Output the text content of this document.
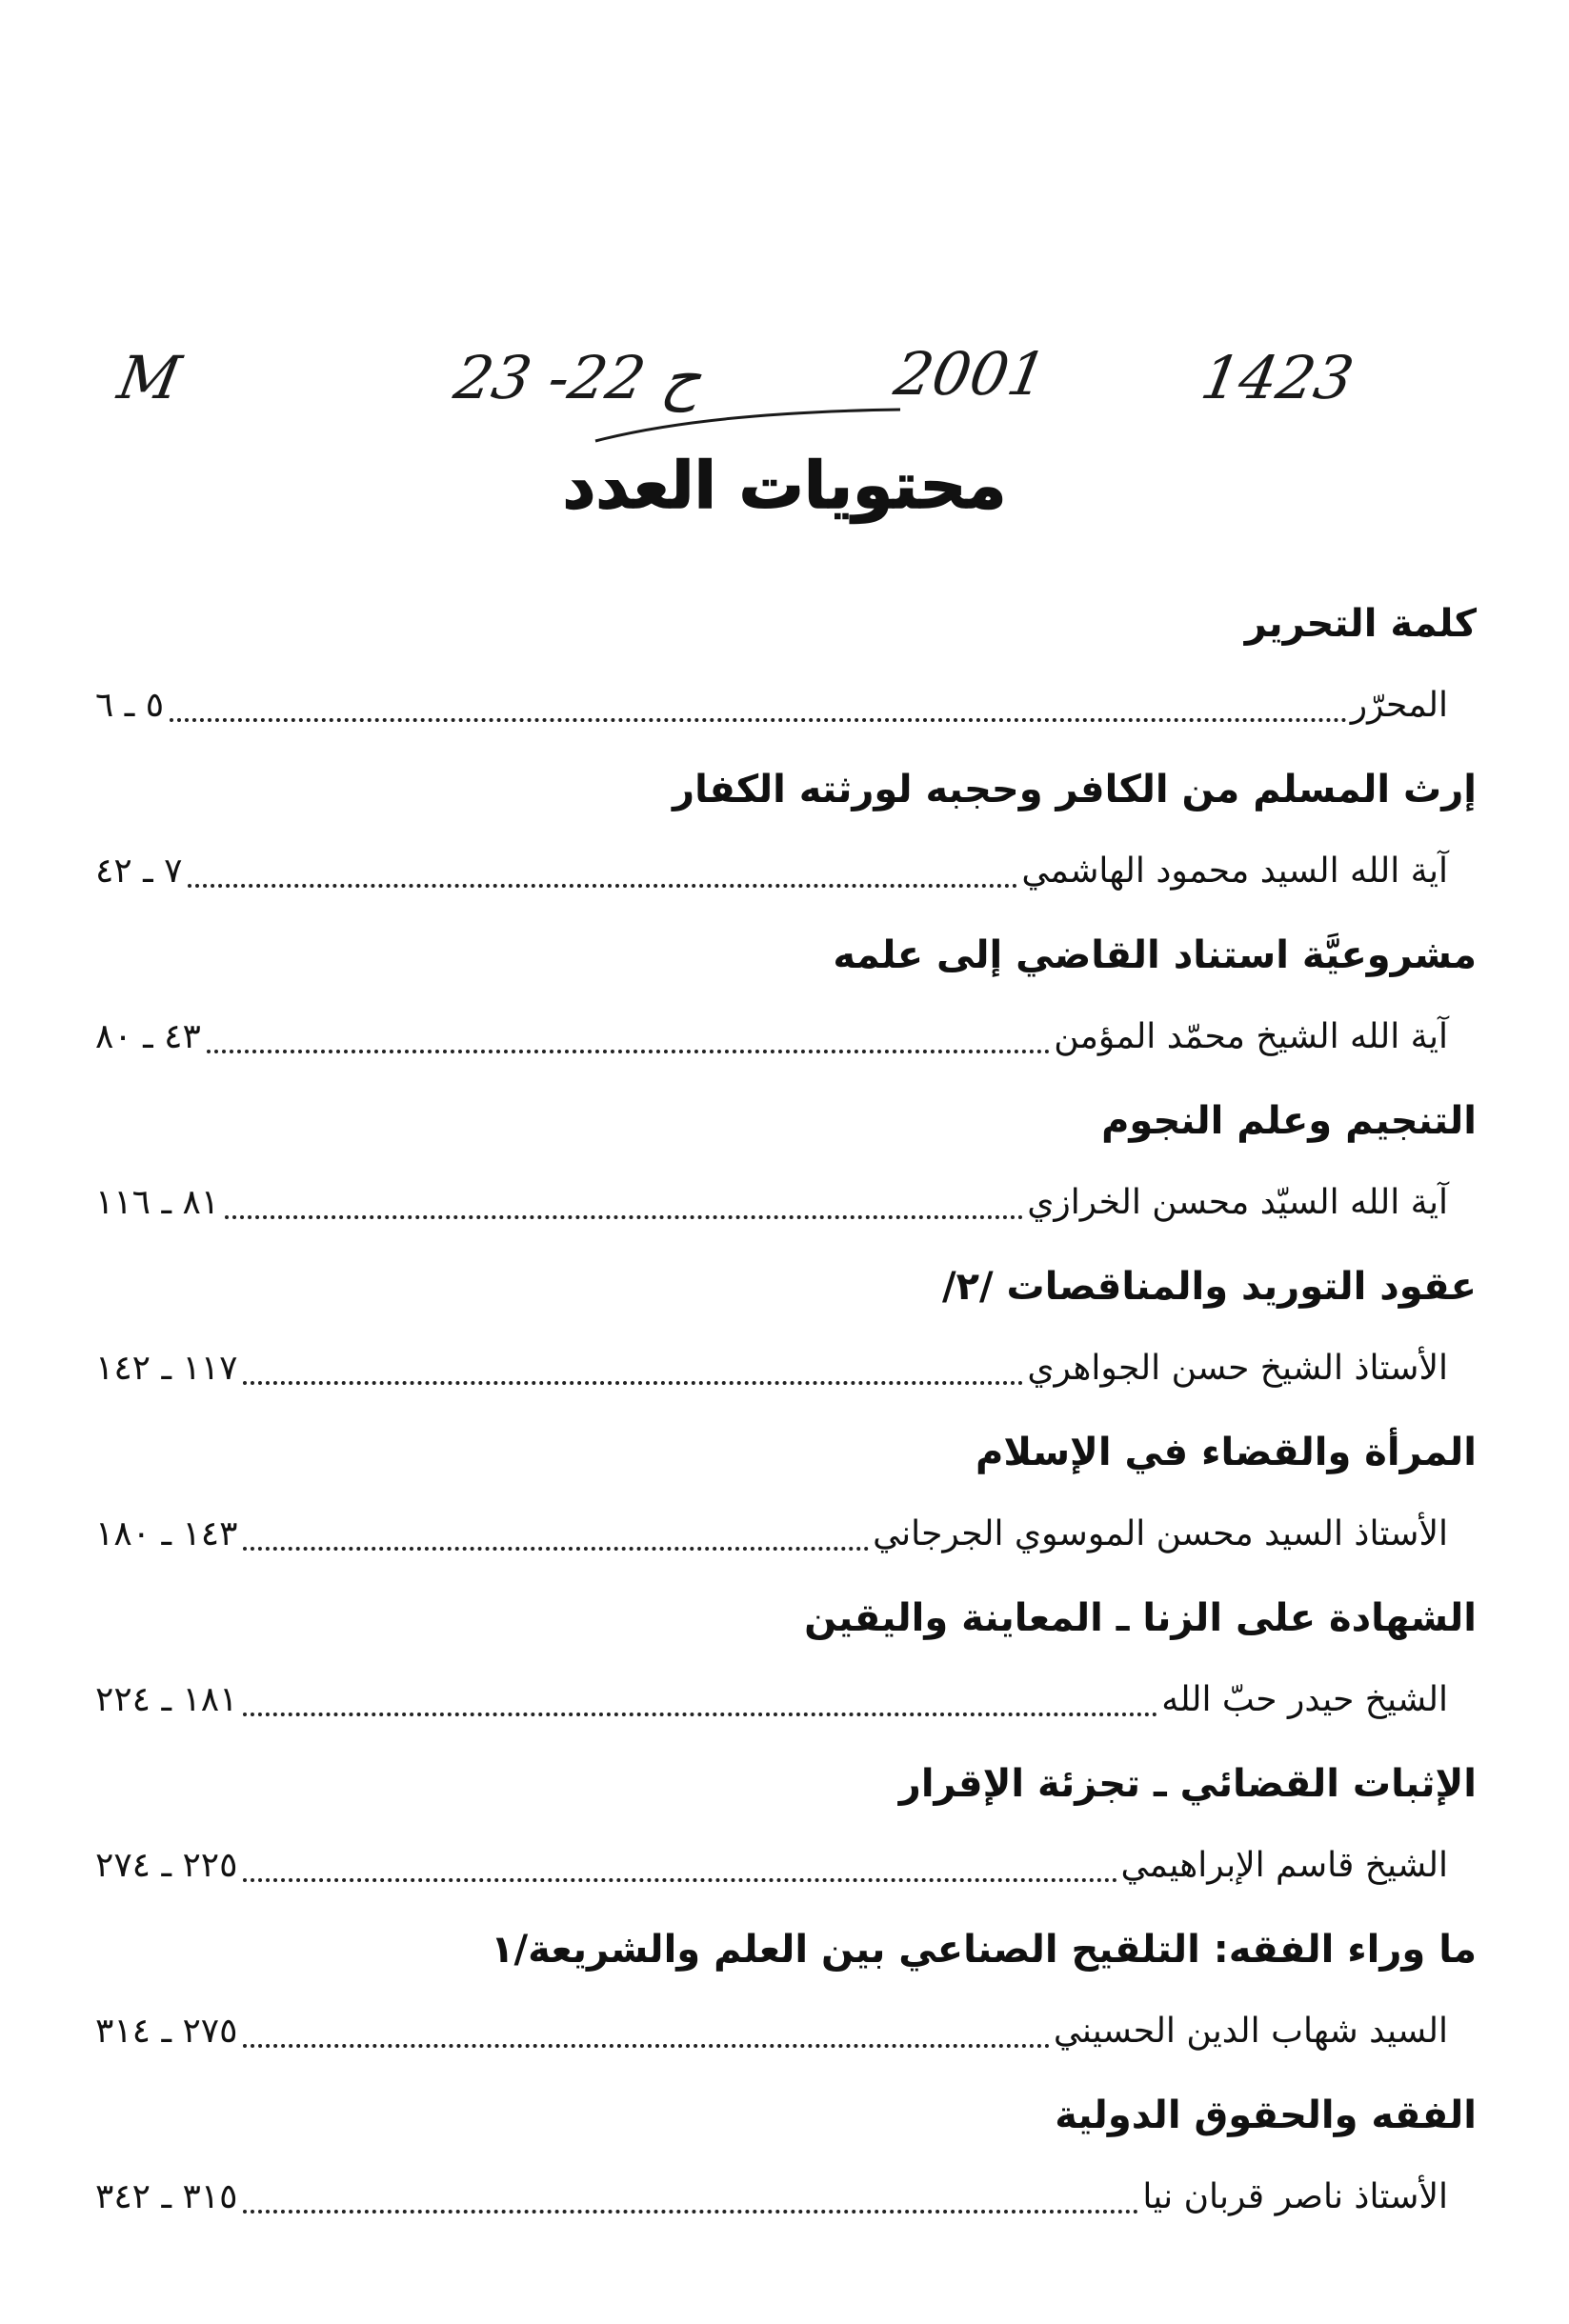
M	23 -22 ح	2001 1423
محتويات العدد
كلمة التحرير
المحرّر
٥ ـ ٦
إرث المسلم من الكافر وحجبه لورثته الكفار
آية الله السيد محمود الهاشمي
٧ ـ ٤٢
مشروعيَّة استناد القاضي إلى علمه
آية الله الشيخ محمّد المؤمن
٤٣ ـ ٨٠
التنجيم وعلم النجوم
آية الله السيّد محسن الخرازي
٨١ ـ ١١٦
عقود التوريد والمناقصات /٢/
الأستاذ الشيخ حسن الجواهري
١١٧ ـ ١٤٢
المرأة والقضاء في الإسلام
الأستاذ السيد محسن الموسوي الجرجاني
١٤٣ ـ ١٨٠
الشهادة على الزنا ـ المعاينة واليقين
الشيخ حيدر حبّ الله
١٨١ ـ ٢٢٤
الإثبات القضائي ـ تجزئة الإقرار
الشيخ قاسم الإبراهيمي
٢٢٥ ـ ٢٧٤
ما وراء الفقه: التلقيح الصناعي بين العلم والشريعة/١
السيد شهاب الدين الحسيني
٢٧٥ ـ ٣١٤
الفقه والحقوق الدولية
الأستاذ ناصر قربان نيا
٣١٥ ـ ٣٤٢
